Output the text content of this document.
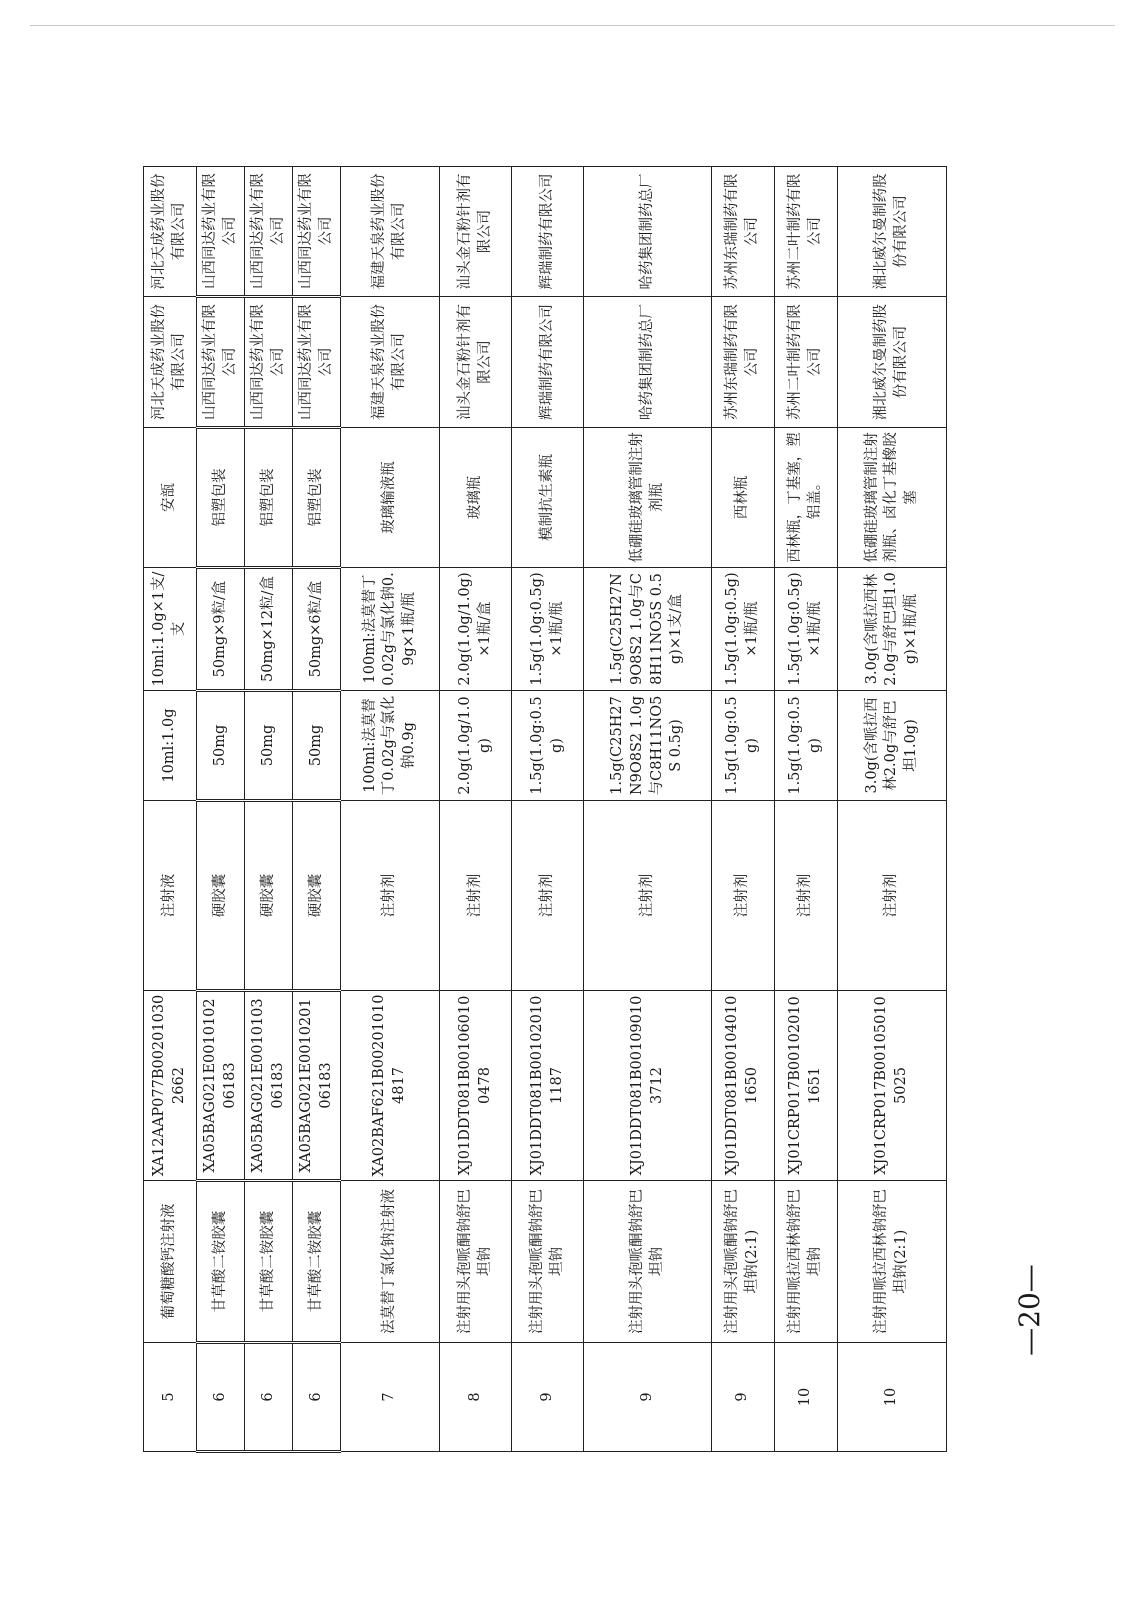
5	葡萄糖酸钙注射液	XA12AAP077B002010302662	注射液	10ml:1.0g	10ml:1.0g×1支/支	安瓿	河北天成药业股份有限公司	河北天成药业股份有限公司
6	甘草酸二铵胶囊	XA05BAG021E001010206183	硬胶囊	50mg	50mg×9粒/盒	铝塑包装	山西同达药业有限公司	山西同达药业有限公司
6	甘草酸二铵胶囊	XA05BAG021E001010306183	硬胶囊	50mg	50mg×12粒/盒	铝塑包装	山西同达药业有限公司	山西同达药业有限公司
6	甘草酸二铵胶囊	XA05BAG021E001020106183	硬胶囊	50mg	50mg×6粒/盒	铝塑包装	山西同达药业有限公司	山西同达药业有限公司
7	法莫替丁氯化钠注射液	XA02BAF621B002010104817	注射剂	100ml:法莫替丁0.02g与氯化钠0.9g	100ml:法莫替丁0.02g与氯化钠0.9g×1瓶/瓶	玻璃输液瓶	福建天泉药业股份有限公司	福建天泉药业股份有限公司
8	注射用头孢哌酮钠舒巴坦钠	XJ01DDT081B001060100478	注射剂	2.0g(1.0g/1.0g)	2.0g(1.0g/1.0g)×1瓶/盒	玻璃瓶	汕头金石粉针剂有限公司	汕头金石粉针剂有限公司
9	注射用头孢哌酮钠舒巴坦钠	XJ01DDT081B001020101187	注射剂	1.5g(1.0g:0.5g)	1.5g(1.0g:0.5g)×1瓶/瓶	模制抗生素瓶	辉瑞制药有限公司	辉瑞制药有限公司
9	注射用头孢哌酮钠舒巴坦钠	XJ01DDT081B001090103712	注射剂	1.5g(C25H27N9O8S2 1.0g与C8H11NO5S 0.5g)	1.5g(C25H27N9O8S2 1.0g与C8H11NO5S 0.5g)×1支/盒	低硼硅玻璃管制注射剂瓶	哈药集团制药总厂	哈药集团制药总厂
9	注射用头孢哌酮钠舒巴坦钠(2:1)	XJ01DDT081B001040101650	注射剂	1.5g(1.0g:0.5g)	1.5g(1.0g:0.5g)×1瓶/瓶	西林瓶	苏州东瑞制药有限公司	苏州东瑞制药有限公司
10	注射用哌拉西林钠舒巴坦钠	XJ01CRP017B001020101651	注射剂	1.5g(1.0g:0.5g)	1.5g(1.0g:0.5g)×1瓶/瓶	西林瓶，丁基塞，塑铝盖。	苏州二叶制药有限公司	苏州二叶制药有限公司
10	注射用哌拉西林钠舒巴坦钠(2:1)	XJ01CRP017B001050105025	注射剂	3.0g(含哌拉西林2.0g与舒巴坦1.0g)	3.0g(含哌拉西林2.0g与舒巴坦1.0g)×1瓶/瓶	低硼硅玻璃管制注射剂瓶、卤化丁基橡胶塞	湘北威尔曼制药股份有限公司	湘北威尔曼制药股份有限公司
—20—
